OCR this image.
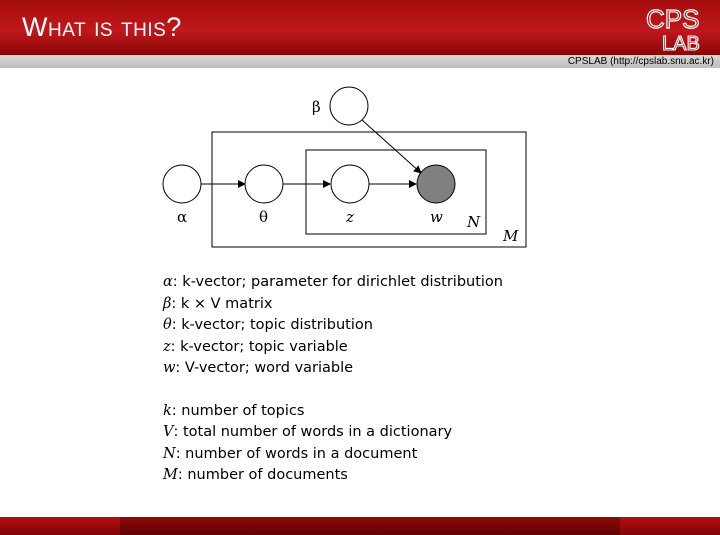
What is this?	CPS
LAB
CPSLAB (http://cpslab.snu.ac.kr)
α	θ	z	w
β
N
M
α: k-vector; parameter for dirichlet distribution
β: k × V matrix
θ: k-vector; topic distribution
z: k-vector; topic variable
w: V-vector; word variable
k: number of topics
V: total number of words in a dictionary
N: number of words in a document
M: number of documents
